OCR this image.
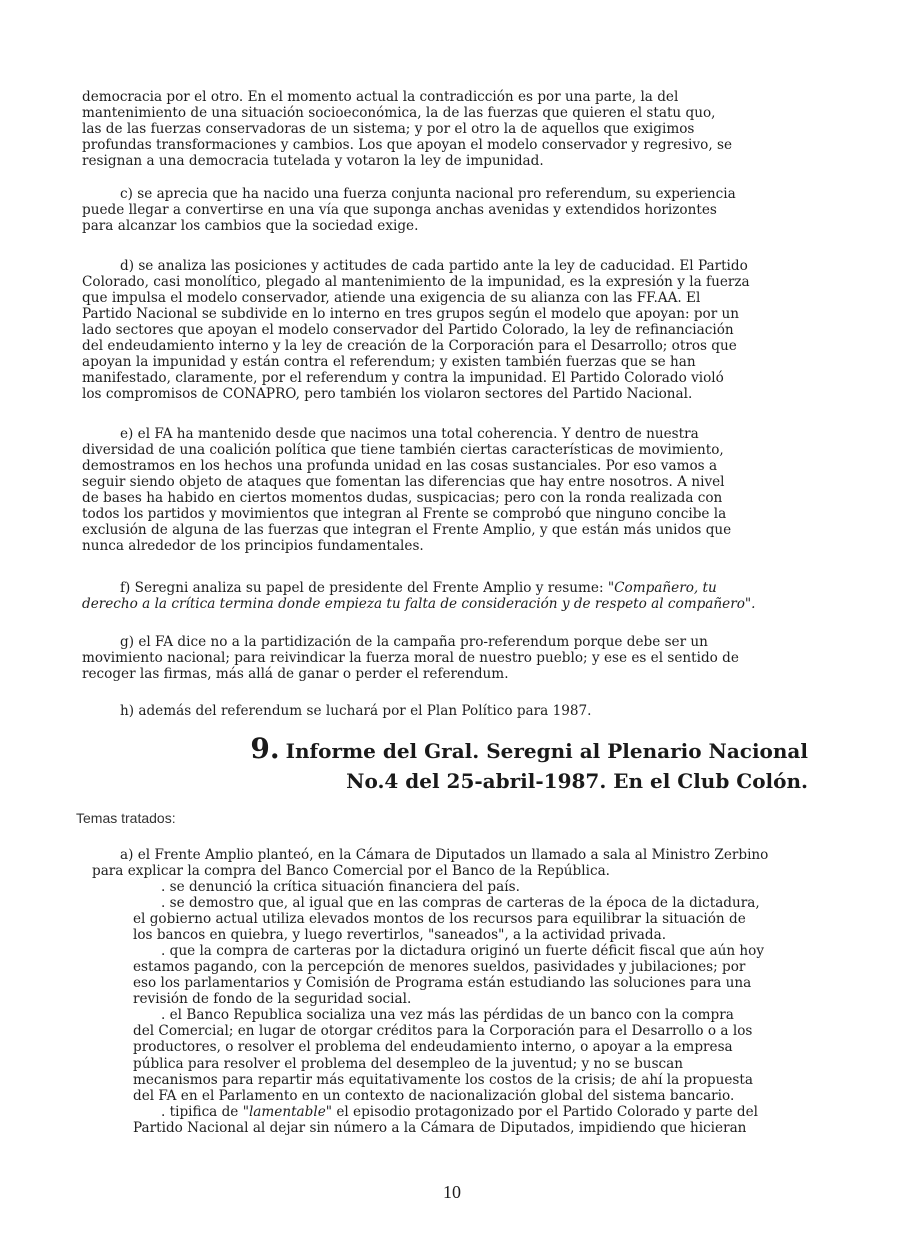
democracia por el otro. En el momento actual la contradicción es por una parte, la del
mantenimiento de una situación socioeconómica, la de las fuerzas que quieren el statu quo,
las de las fuerzas conservadoras de un sistema; y por el otro la de aquellos que exigimos
profundas transformaciones y cambios. Los que apoyan el modelo conservador y regresivo, se
resignan a una democracia tutelada y votaron la ley de impunidad.
c) se aprecia que ha nacido una fuerza conjunta nacional pro referendum, su experiencia
puede llegar a convertirse en una vía que suponga anchas avenidas y extendidos horizontes
para alcanzar los cambios que la sociedad exige.
d) se analiza las posiciones y actitudes de cada partido ante la ley de caducidad. El Partido
Colorado, casi monolítico, plegado al mantenimiento de la impunidad, es la expresión y la fuerza
que impulsa el modelo conservador, atiende una exigencia de su alianza con las FF.AA. El
Partido Nacional se subdivide en lo interno en tres grupos según el modelo que apoyan: por un
lado sectores que apoyan el modelo conservador del Partido Colorado, la ley de refinanciación
del endeudamiento interno y la ley de creación de la Corporación para el Desarrollo; otros que
apoyan la impunidad y están contra el referendum; y existen también fuerzas que se han
manifestado, claramente, por el referendum y contra la impunidad. El Partido Colorado violó
los compromisos de CONAPRO, pero también los violaron sectores del Partido Nacional.
e) el FA ha mantenido desde que nacimos una total coherencia. Y dentro de nuestra
diversidad de una coalición política que tiene también ciertas características de movimiento,
demostramos en los hechos una profunda unidad en las cosas sustanciales. Por eso vamos a
seguir siendo objeto de ataques que fomentan las diferencias que hay entre nosotros. A nivel
de bases ha habido en ciertos momentos dudas, suspicacias; pero con la ronda realizada con
todos los partidos y movimientos que integran al Frente se comprobó que ninguno concibe la
exclusión de alguna de las fuerzas que integran el Frente Amplio, y que están más unidos que
nunca alrededor de los principios fundamentales.
f) Seregni analiza su papel de presidente del Frente Amplio y resume: "Compañero, tu
derecho a la crítica termina donde empieza tu falta de consideración y de respeto al compañero".
g) el FA dice no a la partidización de la campaña pro-referendum porque debe ser un
movimiento nacional; para reivindicar la fuerza moral de nuestro pueblo; y ese es el sentido de
recoger las firmas, más allá de ganar o perder el referendum.
h) además del referendum se luchará por el Plan Político para 1987.
9. Informe del Gral. Seregni al Plenario Nacional
No.4 del 25-abril-1987. En el Club Colón.
Temas tratados:
a) el Frente Amplio planteó, en la Cámara de Diputados un llamado a sala al Ministro Zerbino
para explicar la compra del Banco Comercial por el Banco de la República.
. se denunció la crítica situación financiera del país.
. se demostro que, al igual que en las compras de carteras de la época de la dictadura,
el gobierno actual utiliza elevados montos de los recursos para equilibrar la situación de
los bancos en quiebra, y luego revertirlos, "saneados", a la actividad privada.
. que la compra de carteras por la dictadura originó un fuerte déficit fiscal que aún hoy
estamos pagando, con la percepción de menores sueldos, pasividades y jubilaciones; por
eso los parlamentarios y Comisión de Programa están estudiando las soluciones para una
revisión de fondo de la seguridad social.
. el Banco Republica socializa una vez más las pérdidas de un banco con la compra
del Comercial; en lugar de otorgar créditos para la Corporación para el Desarrollo o a los
productores, o resolver el problema del endeudamiento interno, o apoyar a la empresa
pública para resolver el problema del desempleo de la juventud; y no se buscan
mecanismos para repartir más equitativamente los costos de la crisis; de ahí la propuesta
del FA en el Parlamento en un contexto de nacionalización global del sistema bancario.
. tipifica de "lamentable" el episodio protagonizado por el Partido Colorado y parte del
Partido Nacional al dejar sin número a la Cámara de Diputados, impidiendo que hicieran
10
